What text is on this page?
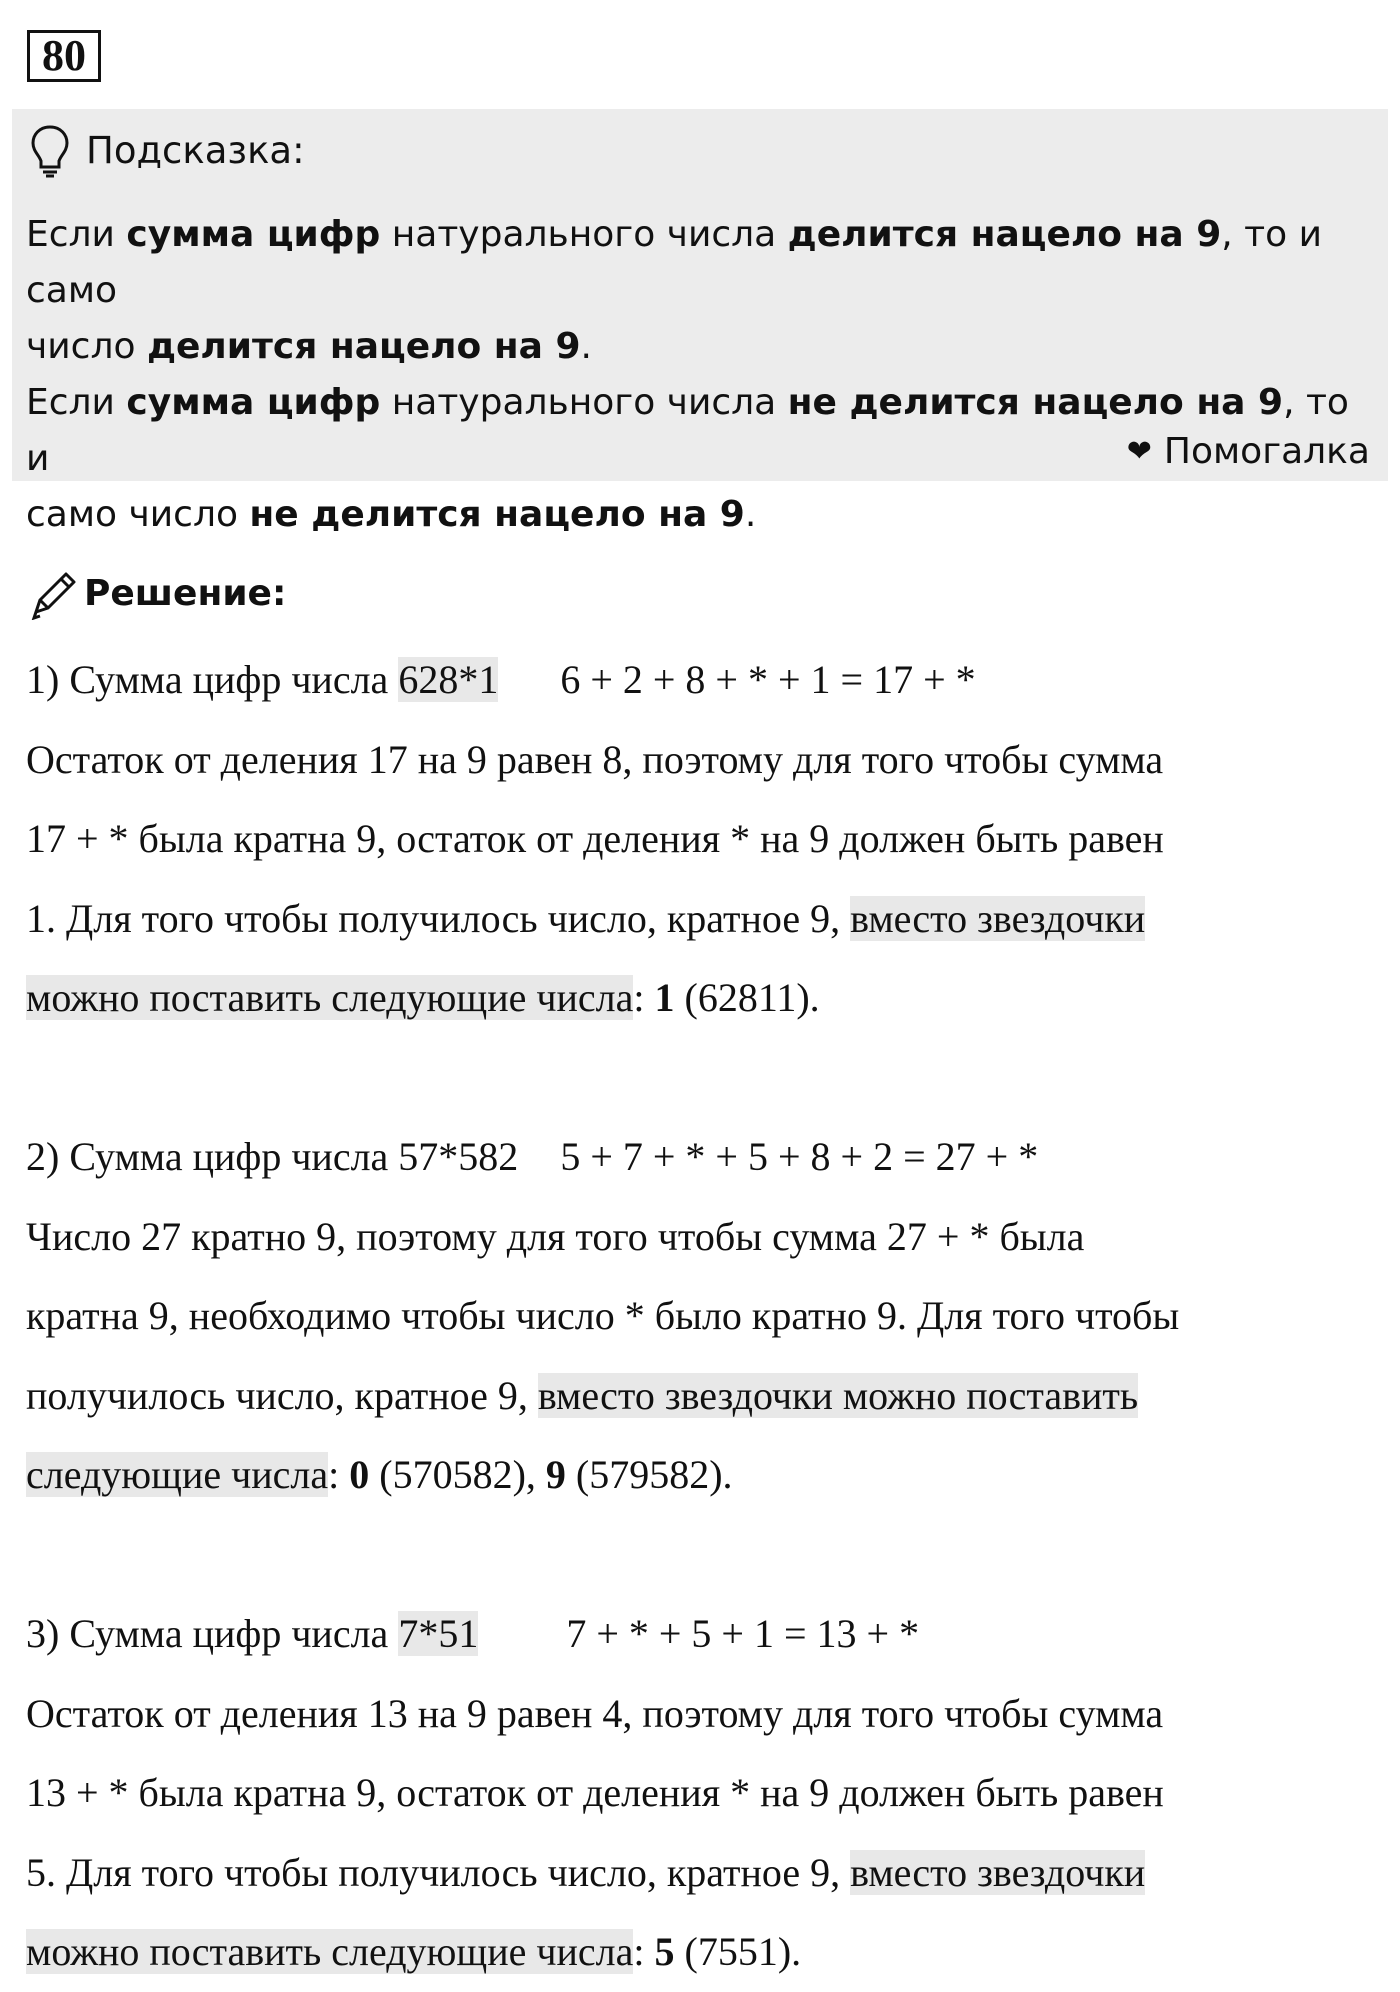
80
Подсказка:

Если сумма цифр натурального числа делится нацело на 9, то и само

число делится нацело на 9.

Если сумма цифр натурального числа не делится нацело на 9, то и

само число не делится нацело на 9.

❤ Помогалка
Решение:

1) Сумма цифр числа 628*1 6 + 2 + 8 + * + 1 = 17 + *

Остаток от деления 17 на 9 равен 8, поэтому для того чтобы сумма

17 + * была кратна 9, остаток от деления * на 9 должен быть равен

1. Для того чтобы получилось число, кратное 9, вместо звездочки

можно поставить следующие числа: 1 (62811).

2) Сумма цифр числа 57*582 5 + 7 + * + 5 + 8 + 2 = 27 + *

Число 27 кратно 9, поэтому для того чтобы сумма 27 + * была

кратна 9, необходимо чтобы число * было кратно 9. Для того чтобы

получилось число, кратное 9, вместо звездочки можно поставить

следующие числа: 0 (570582), 9 (579582).

3) Сумма цифр числа 7*51 7 + * + 5 + 1 = 13 + *

Остаток от деления 13 на 9 равен 4, поэтому для того чтобы сумма

13 + * была кратна 9, остаток от деления * на 9 должен быть равен

5. Для того чтобы получилось число, кратное 9, вместо звездочки

можно поставить следующие числа: 5 (7551).
